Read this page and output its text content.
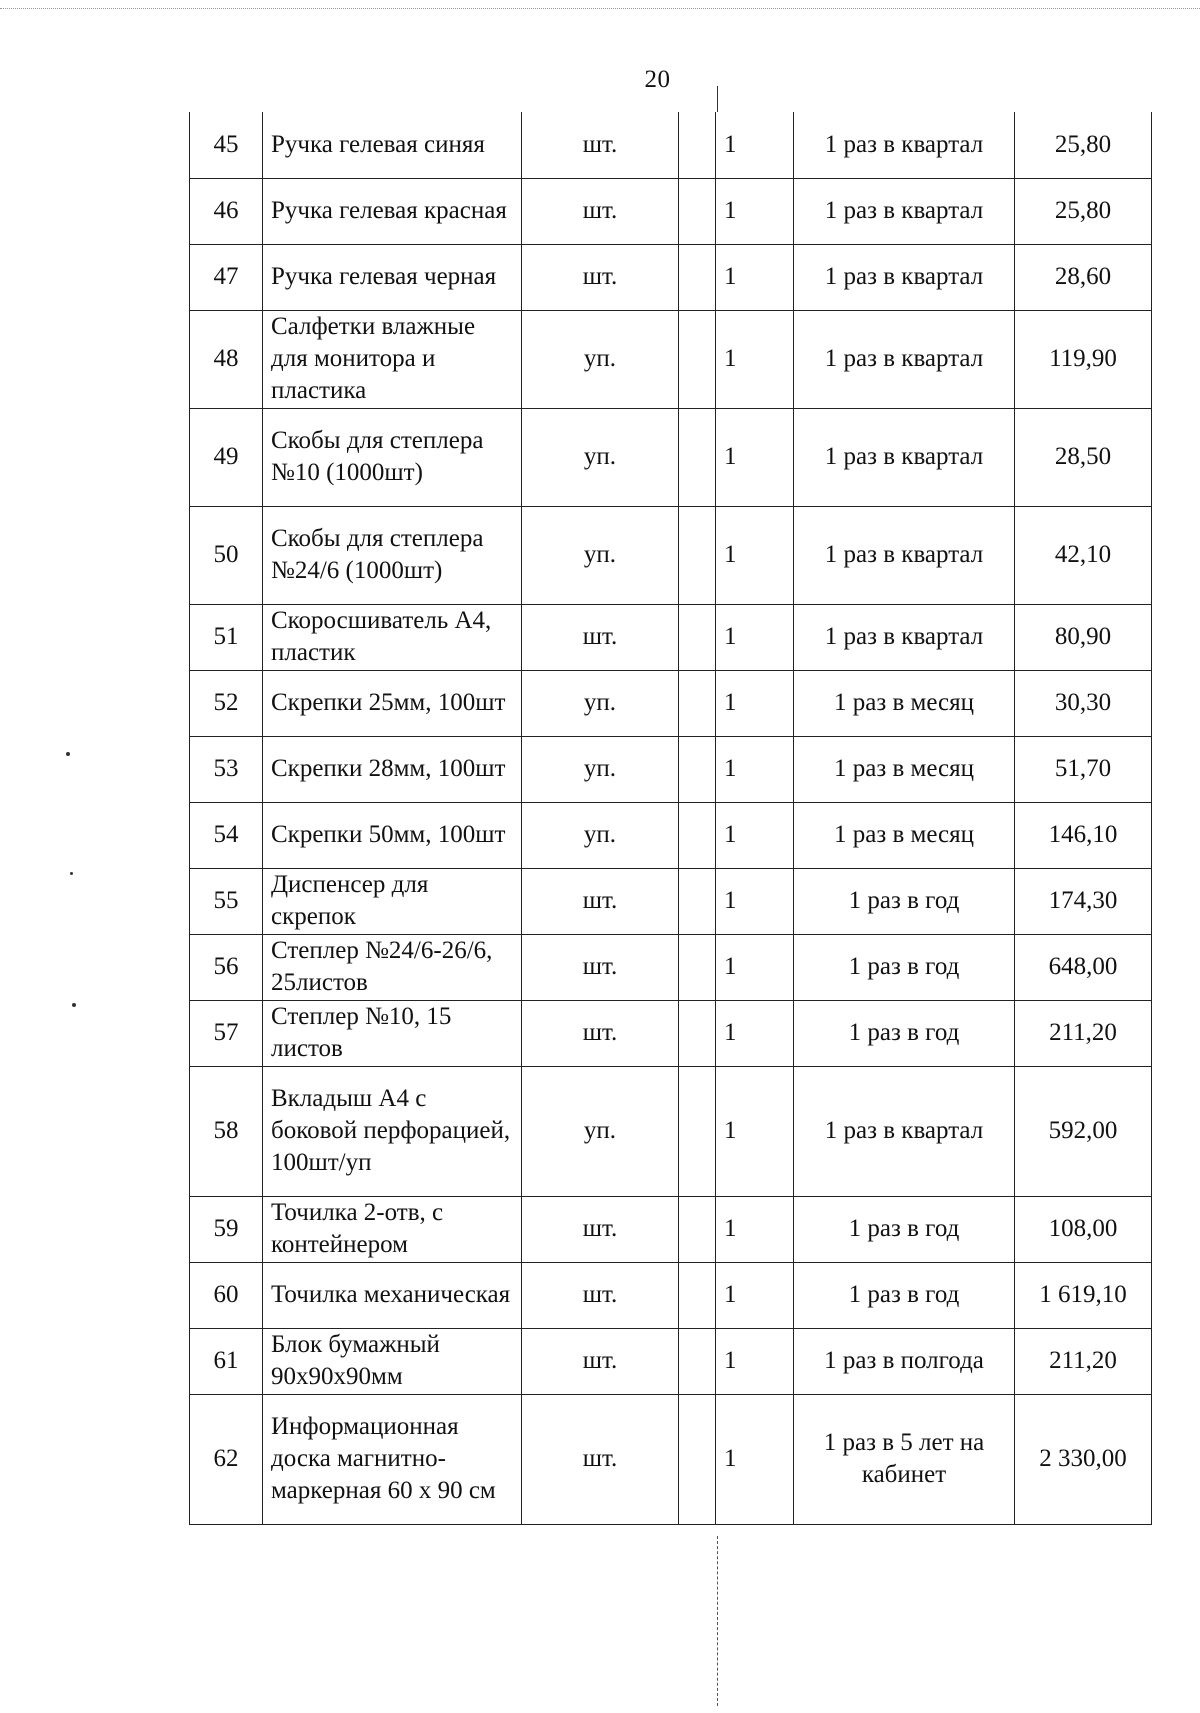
20
45	Ручка гелевая синяя	шт.		1	1 раз в квартал	25,80
46	Ручка гелевая красная	шт.		1	1 раз в квартал	25,80
47	Ручка гелевая черная	шт.		1	1 раз в квартал	28,60
48	Салфетки влажные для монитора и пластика	уп.		1	1 раз в квартал	119,90
49	Скобы для степлера №10 (1000шт)	уп.		1	1 раз в квартал	28,50
50	Скобы для степлера №24/6 (1000шт)	уп.		1	1 раз в квартал	42,10
51	Скоросшиватель А4, пластик	шт.		1	1 раз в квартал	80,90
52	Скрепки 25мм, 100шт	уп.		1	1 раз в месяц	30,30
53	Скрепки 28мм, 100шт	уп.		1	1 раз в месяц	51,70
54	Скрепки 50мм, 100шт	уп.		1	1 раз в месяц	146,10
55	Диспенсер для скрепок	шт.		1	1 раз в год	174,30
56	Степлер №24/6-26/6, 25листов	шт.		1	1 раз в год	648,00
57	Степлер №10, 15 листов	шт.		1	1 раз в год	211,20
58	Вкладыш А4 с боковой перфорацией, 100шт/уп	уп.		1	1 раз в квартал	592,00
59	Точилка 2-отв, с контейнером	шт.		1	1 раз в год	108,00
60	Точилка механическая	шт.		1	1 раз в год	1 619,10
61	Блок бумажный 90х90х90мм	шт.		1	1 раз в полгода	211,20
62	Информационная доска магнитно-маркерная 60 х 90 см	шт.		1	1 раз в 5 лет на кабинет	2 330,00
